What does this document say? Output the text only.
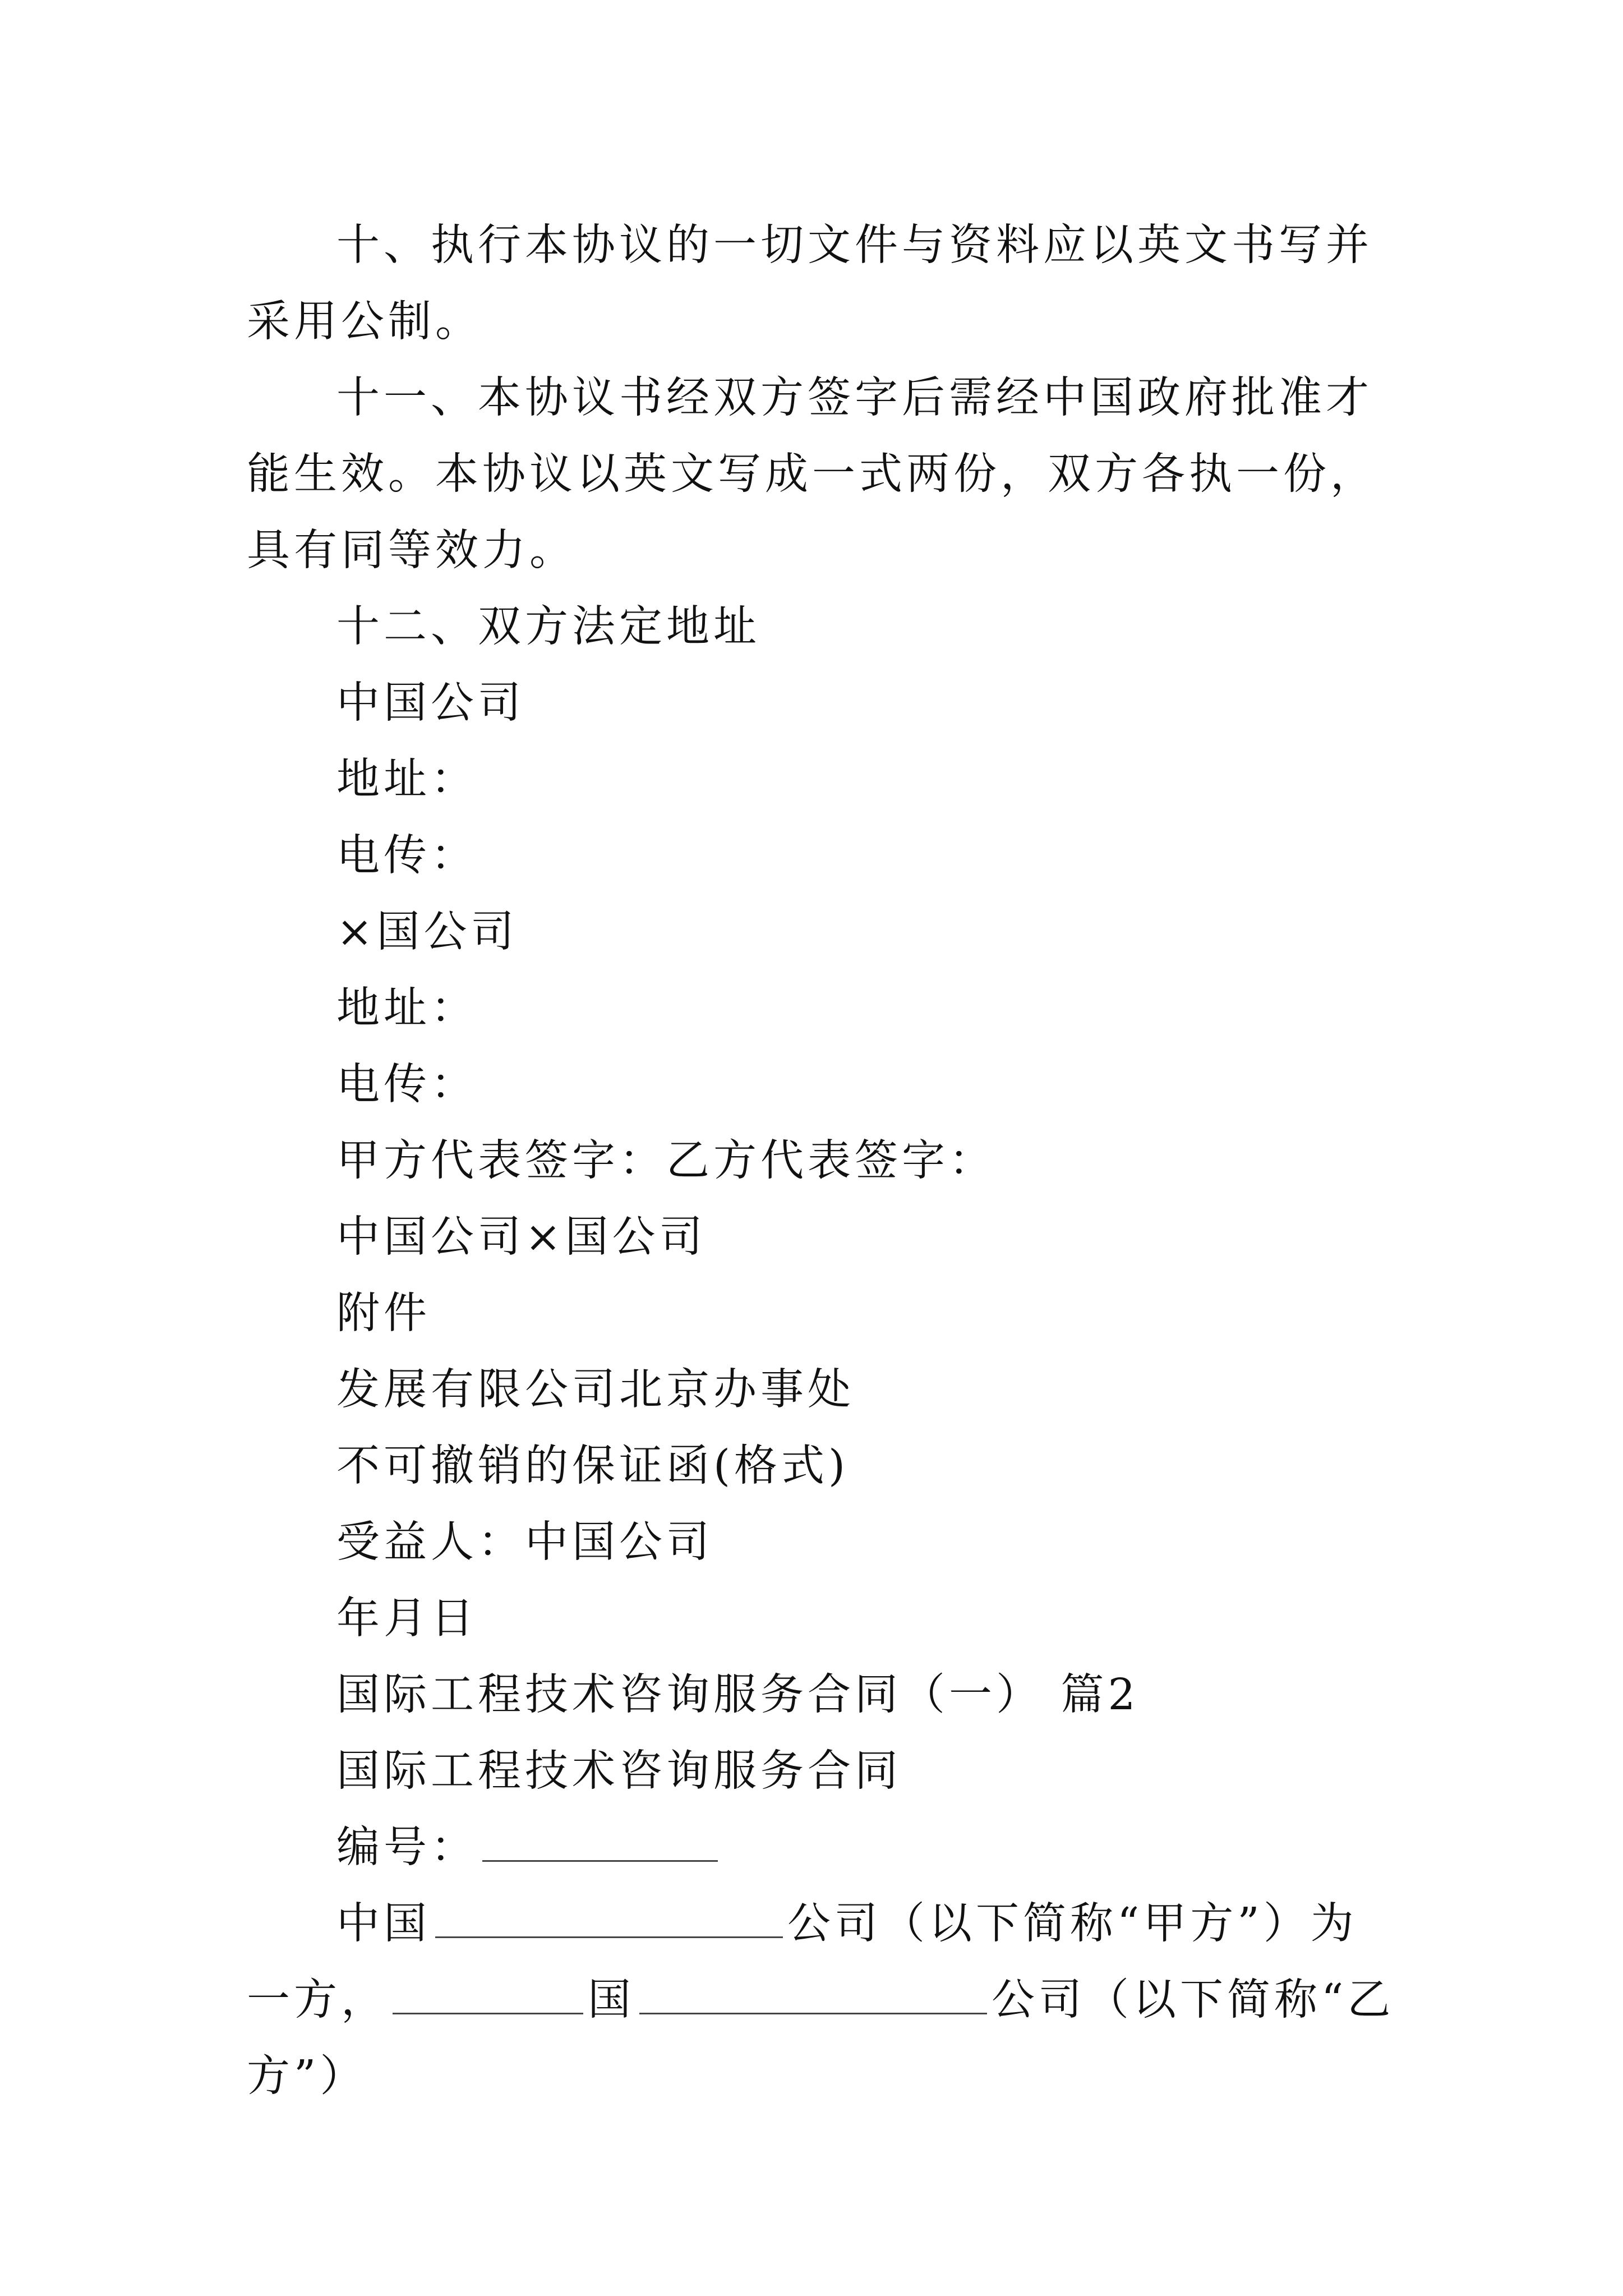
十、执行本协议的一切文件与资料应以英文书写并采用公制。

十一、本协议书经双方签字后需经中国政府批准才能生效。本协议以英文写成一式两份，双方各执一份，具有同等效力。

十二、双方法定地址

中国公司

地址：

电传：

×国公司

地址：

电传：

甲方代表签字：乙方代表签字：

中国公司×国公司

附件

发展有限公司北京办事处

不可撤销的保证函(格式)

受益人：中国公司

年月日

国际工程技术咨询服务合同（一） 篇2

国际工程技术咨询服务合同

编号：

中国	公司（以下简称“甲方”）为一方，	国	公司（以下简称“乙方”）
